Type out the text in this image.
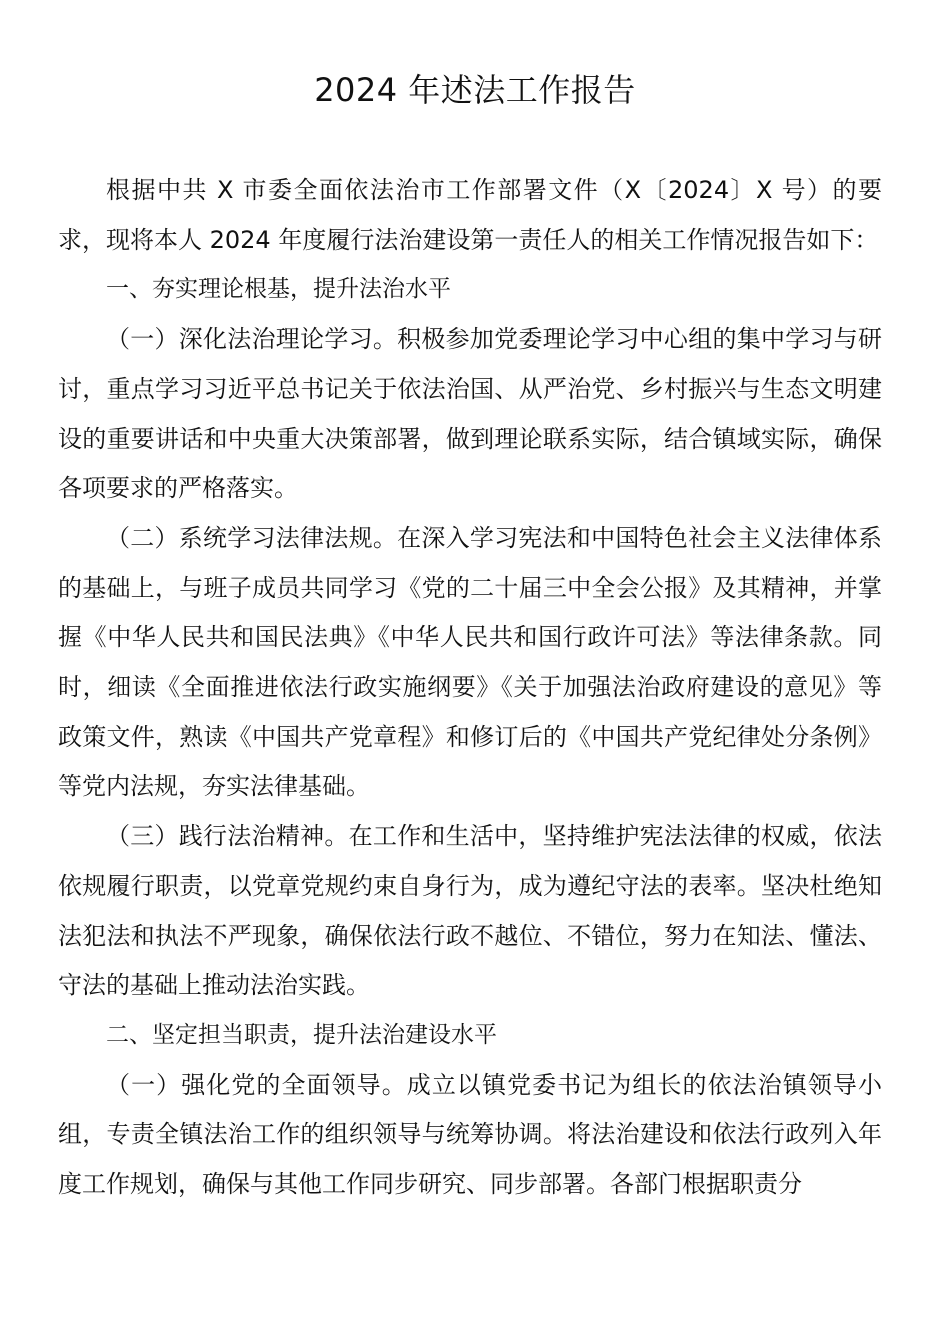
2024 年述法工作报告

根据中共 X 市委全面依法治市工作部署文件（X〔2024〕X 号）的要求，现将本人 2024 年度履行法治建设第一责任人的相关工作情况报告如下：

一、夯实理论根基，提升法治水平

（一）深化法治理论学习。积极参加党委理论学习中心组的集中学习与研讨，重点学习习近平总书记关于依法治国、从严治党、乡村振兴与生态文明建设的重要讲话和中央重大决策部署，做到理论联系实际，结合镇域实际，确保各项要求的严格落实。

（二）系统学习法律法规。在深入学习宪法和中国特色社会主义法律体系的基础上，与班子成员共同学习《党的二十届三中全会公报》及其精神，并掌握《中华人民共和国民法典》《中华人民共和国行政许可法》等法律条款。同时，细读《全面推进依法行政实施纲要》《关于加强法治政府建设的意见》等政策文件，熟读《中国共产党章程》和修订后的《中国共产党纪律处分条例》等党内法规，夯实法律基础。

（三）践行法治精神。在工作和生活中，坚持维护宪法法律的权威，依法依规履行职责，以党章党规约束自身行为，成为遵纪守法的表率。坚决杜绝知法犯法和执法不严现象，确保依法行政不越位、不错位，努力在知法、懂法、守法的基础上推动法治实践。

二、坚定担当职责，提升法治建设水平

（一）强化党的全面领导。成立以镇党委书记为组长的依法治镇领导小组，专责全镇法治工作的组织领导与统筹协调。将法治建设和依法行政列入年度工作规划，确保与其他工作同步研究、同步部署。各部门根据职责分
